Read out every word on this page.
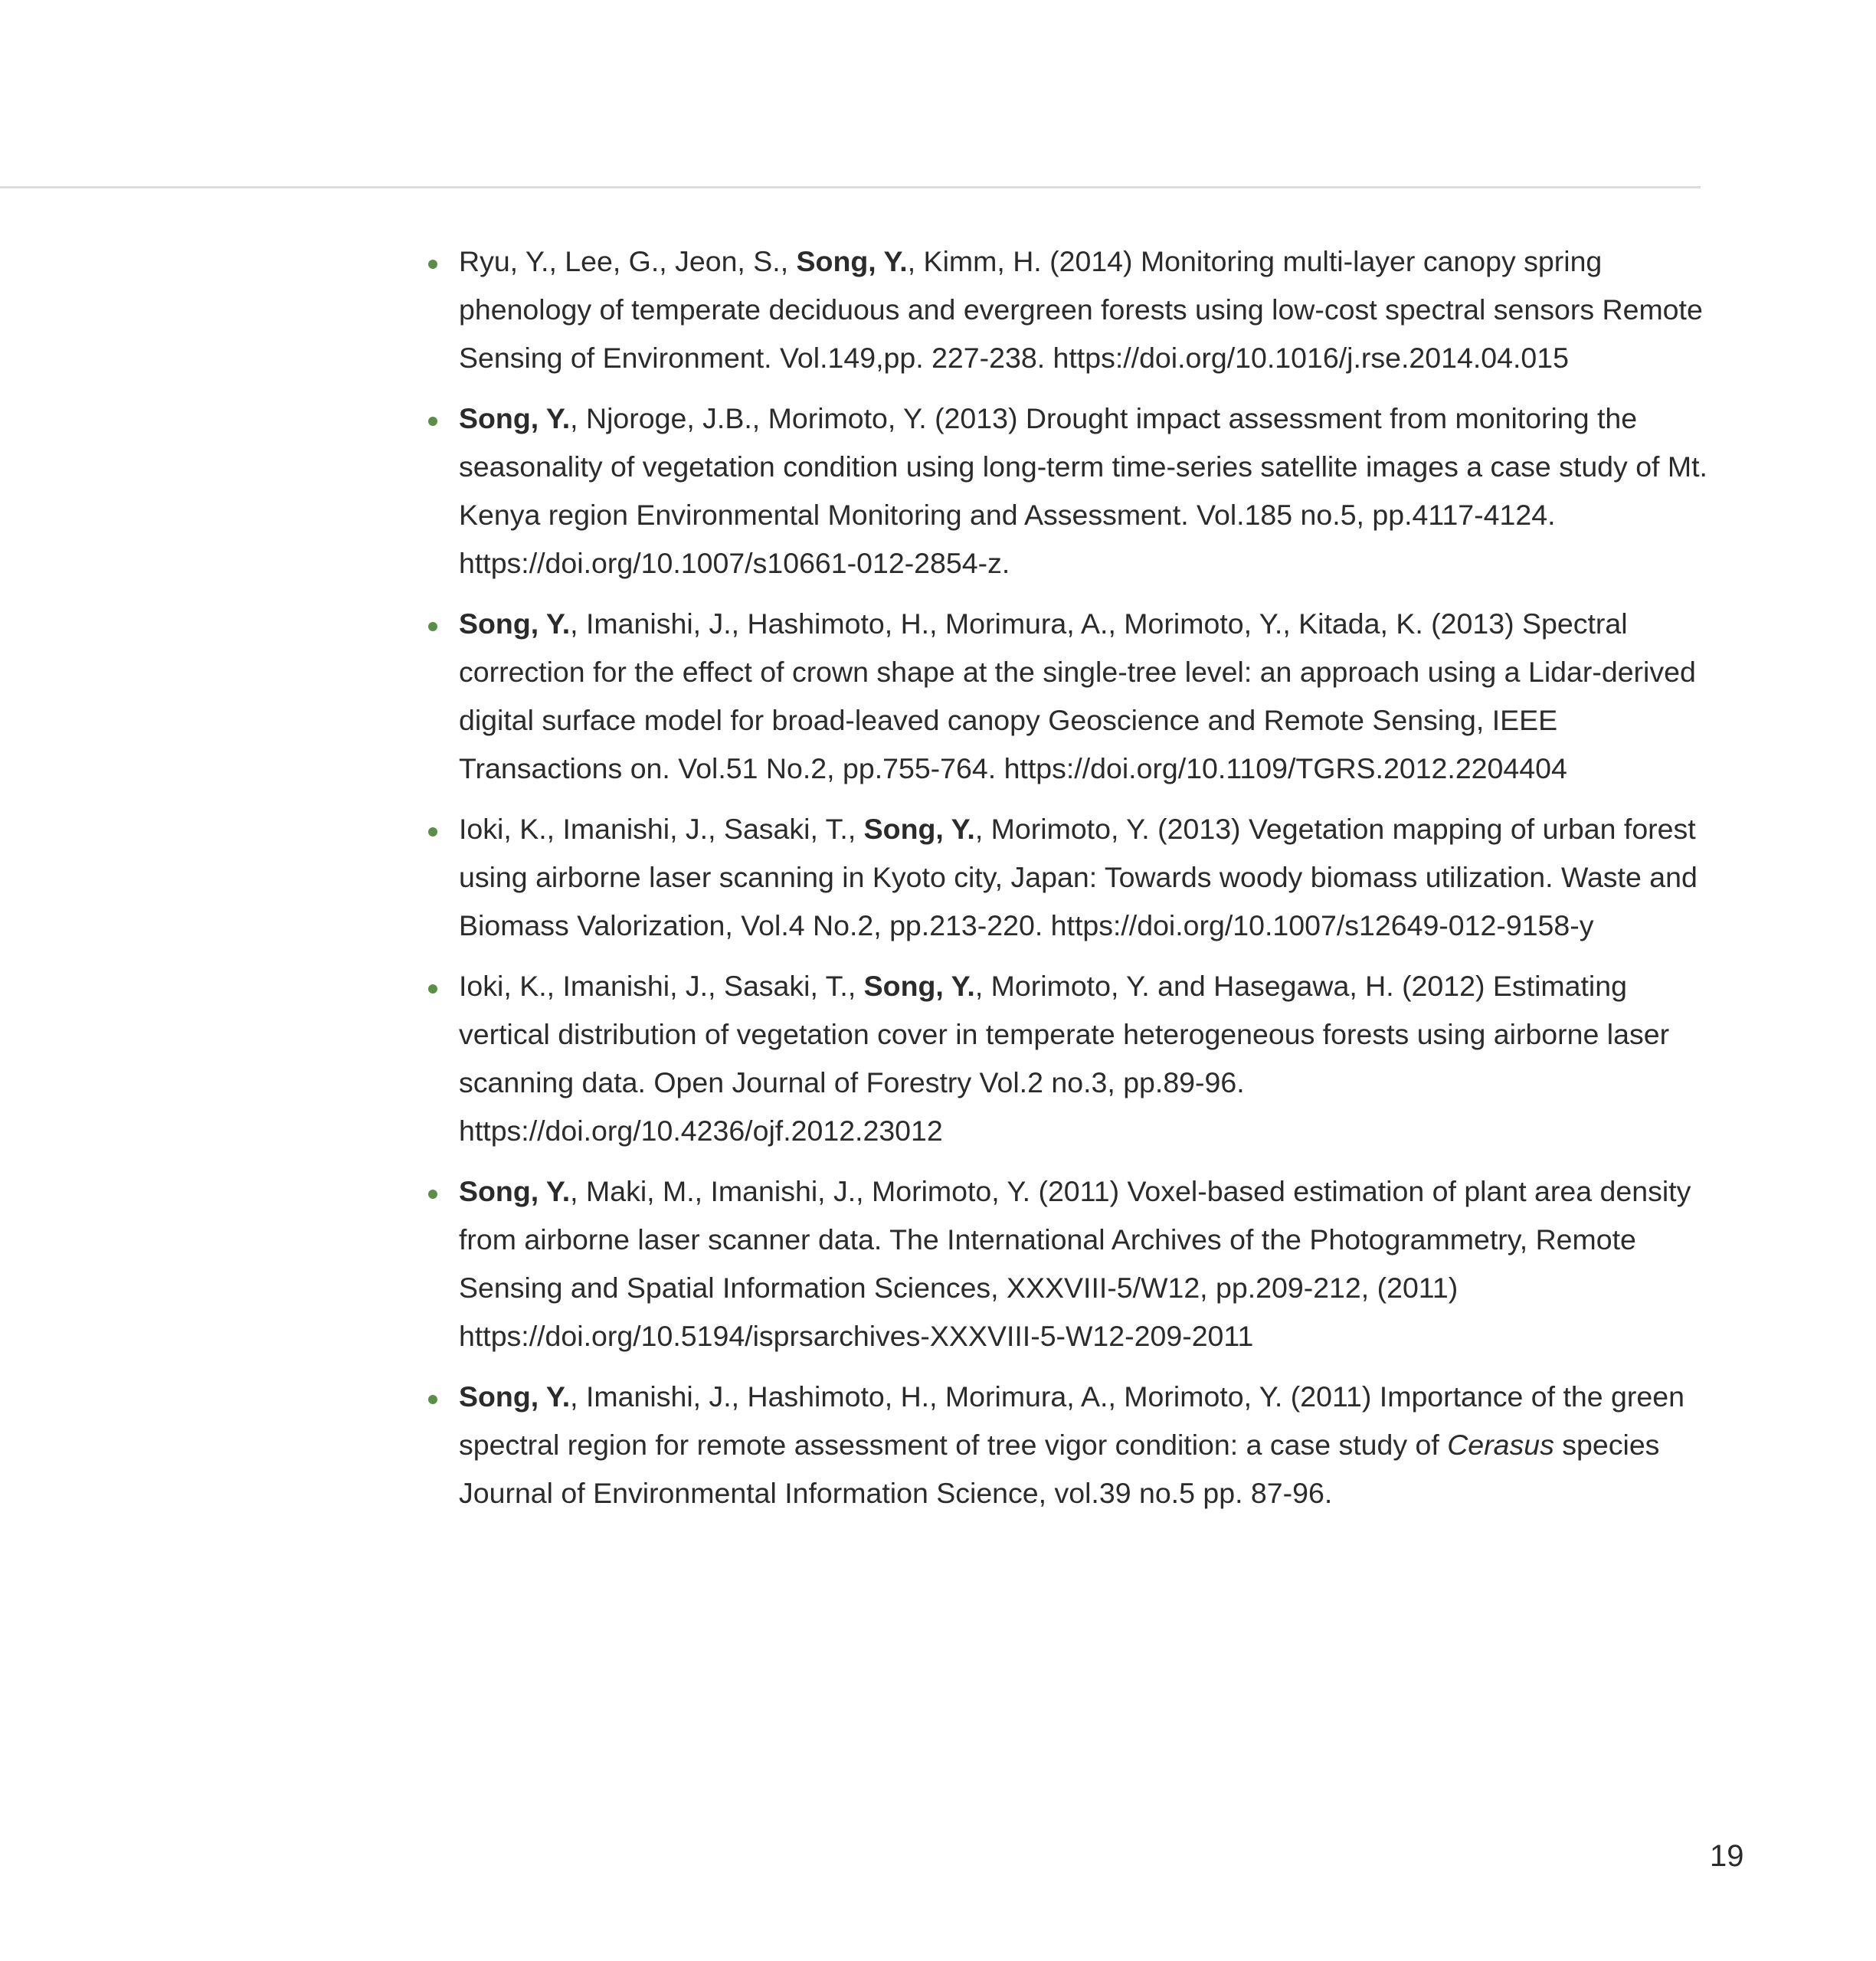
Ryu, Y., Lee, G., Jeon, S., Song, Y., Kimm, H. (2014) Monitoring multi-layer canopy spring phenology of temperate deciduous and evergreen forests using low-cost spectral sensors Remote Sensing of Environment. Vol.149,pp. 227-238. https://doi.org/10.1016/j.rse.2014.04.015
Song, Y., Njoroge, J.B., Morimoto, Y. (2013) Drought impact assessment from monitoring the seasonality of vegetation condition using long-term time-series satellite images a case study of Mt. Kenya region Environmental Monitoring and Assessment. Vol.185 no.5, pp.4117-4124. https://doi.org/10.1007/s10661-012-2854-z.
Song, Y., Imanishi, J., Hashimoto, H., Morimura, A., Morimoto, Y., Kitada, K. (2013) Spectral correction for the effect of crown shape at the single-tree level: an approach using a Lidar-derived digital surface model for broad-leaved canopy Geoscience and Remote Sensing, IEEE Transactions on. Vol.51 No.2, pp.755-764. https://doi.org/10.1109/TGRS.2012.2204404
Ioki, K., Imanishi, J., Sasaki, T., Song, Y., Morimoto, Y. (2013) Vegetation mapping of urban forest using airborne laser scanning in Kyoto city, Japan: Towards woody biomass utilization. Waste and Biomass Valorization, Vol.4 No.2, pp.213-220. https://doi.org/10.1007/s12649-012-9158-y
Ioki, K., Imanishi, J., Sasaki, T., Song, Y., Morimoto, Y. and Hasegawa, H. (2012) Estimating vertical distribution of vegetation cover in temperate heterogeneous forests using airborne laser scanning data. Open Journal of Forestry Vol.2 no.3, pp.89-96. https://doi.org/10.4236/ojf.2012.23012
Song, Y., Maki, M., Imanishi, J., Morimoto, Y. (2011) Voxel-based estimation of plant area density from airborne laser scanner data. The International Archives of the Photogrammetry, Remote Sensing and Spatial Information Sciences, XXXVIII-5/W12, pp.209-212, (2011) https://doi.org/10.5194/isprsarchives-XXXVIII-5-W12-209-2011
Song, Y., Imanishi, J., Hashimoto, H., Morimura, A., Morimoto, Y. (2011) Importance of the green spectral region for remote assessment of tree vigor condition: a case study of Cerasus species Journal of Environmental Information Science, vol.39 no.5 pp. 87-96.
19
